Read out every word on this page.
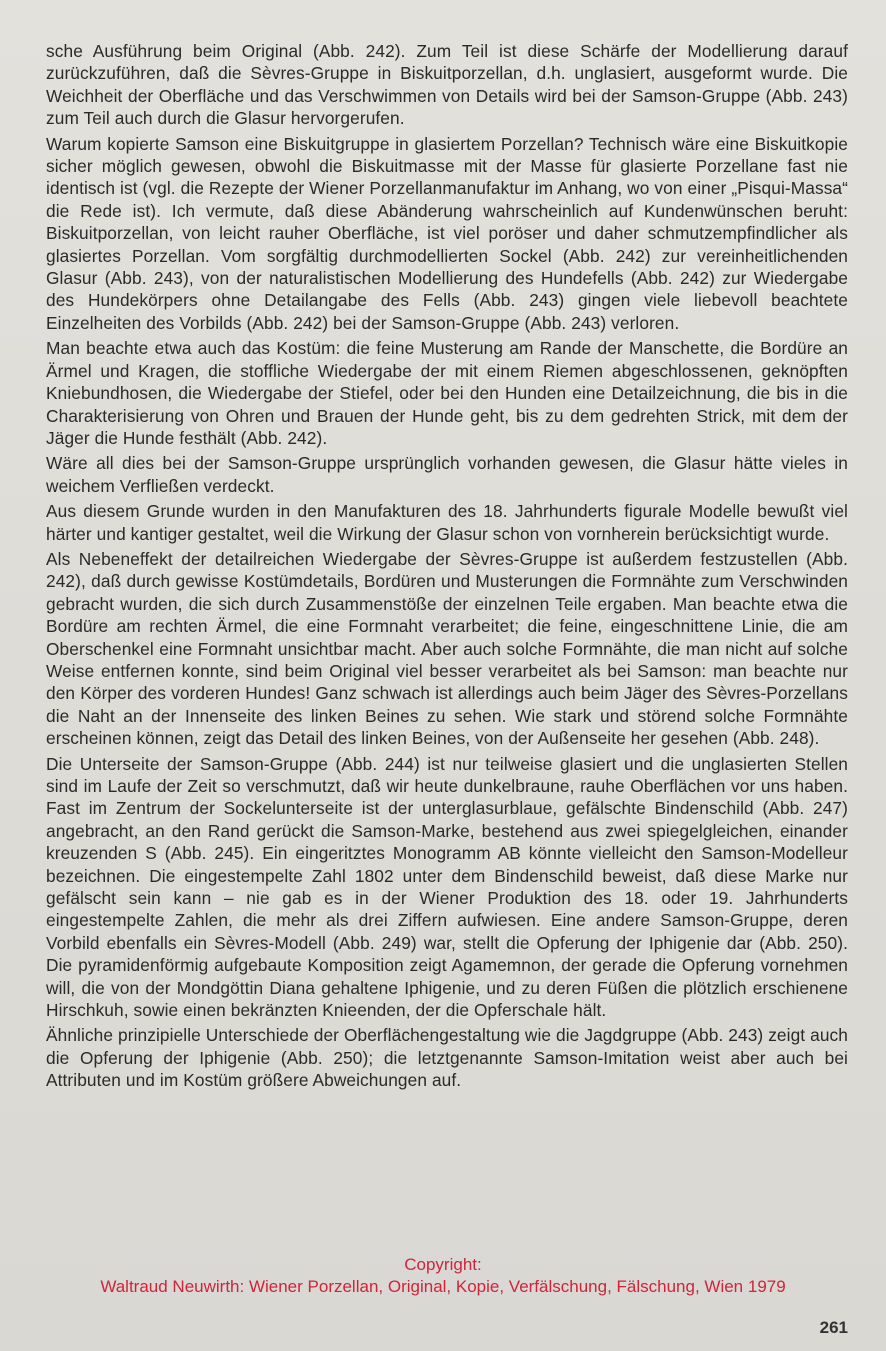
sche Ausführung beim Original (Abb. 242). Zum Teil ist diese Schärfe der Modellierung darauf zurückzuführen, daß die Sèvres-Gruppe in Biskuitporzellan, d.h. unglasiert, ausgeformt wurde. Die Weichheit der Oberfläche und das Verschwimmen von Details wird bei der Samson-Gruppe (Abb. 243) zum Teil auch durch die Glasur hervorgerufen.

Warum kopierte Samson eine Biskuitgruppe in glasiertem Porzellan? Technisch wäre eine Biskuitkopie sicher möglich gewesen, obwohl die Biskuitmasse mit der Masse für glasierte Porzellane fast nie identisch ist (vgl. die Rezepte der Wiener Porzellanmanufaktur im Anhang, wo von einer „Pisqui-Massa“ die Rede ist). Ich vermute, daß diese Abänderung wahrscheinlich auf Kundenwünschen beruht: Biskuitporzellan, von leicht rauher Oberfläche, ist viel poröser und daher schmutzempfindlicher als glasiertes Porzellan. Vom sorgfältig durchmodellierten Sockel (Abb. 242) zur vereinheitlichenden Glasur (Abb. 243), von der naturalistischen Modellierung des Hundefells (Abb. 242) zur Wiedergabe des Hundekörpers ohne Detailangabe des Fells (Abb. 243) gingen viele liebevoll beachtete Einzelheiten des Vorbilds (Abb. 242) bei der Samson-Gruppe (Abb. 243) verloren.

Man beachte etwa auch das Kostüm: die feine Musterung am Rande der Manschette, die Bordüre an Ärmel und Kragen, die stoffliche Wiedergabe der mit einem Riemen abgeschlossenen, geknöpften Kniebundhosen, die Wiedergabe der Stiefel, oder bei den Hunden eine Detailzeichnung, die bis in die Charakterisierung von Ohren und Brauen der Hunde geht, bis zu dem gedrehten Strick, mit dem der Jäger die Hunde festhält (Abb. 242).

Wäre all dies bei der Samson-Gruppe ursprünglich vorhanden gewesen, die Glasur hätte vieles in weichem Verfließen verdeckt.

Aus diesem Grunde wurden in den Manufakturen des 18. Jahrhunderts figurale Modelle bewußt viel härter und kantiger gestaltet, weil die Wirkung der Glasur schon von vornherein berücksichtigt wurde.

Als Nebeneffekt der detailreichen Wiedergabe der Sèvres-Gruppe ist außerdem festzustellen (Abb. 242), daß durch gewisse Kostümdetails, Bordüren und Musterungen die Formnähte zum Verschwinden gebracht wurden, die sich durch Zusammenstöße der einzelnen Teile ergaben. Man beachte etwa die Bordüre am rechten Ärmel, die eine Formnaht verarbeitet; die feine, eingeschnittene Linie, die am Oberschenkel eine Formnaht unsichtbar macht. Aber auch solche Formnähte, die man nicht auf solche Weise entfernen konnte, sind beim Original viel besser verarbeitet als bei Samson: man beachte nur den Körper des vorderen Hundes! Ganz schwach ist allerdings auch beim Jäger des Sèvres-Porzellans die Naht an der Innenseite des linken Beines zu sehen. Wie stark und störend solche Formnähte erscheinen können, zeigt das Detail des linken Beines, von der Außenseite her gesehen (Abb. 248).

Die Unterseite der Samson-Gruppe (Abb. 244) ist nur teilweise glasiert und die unglasierten Stellen sind im Laufe der Zeit so verschmutzt, daß wir heute dunkelbraune, rauhe Oberflächen vor uns haben. Fast im Zentrum der Sockelunterseite ist der unterglasurblaue, gefälschte Bindenschild (Abb. 247) angebracht, an den Rand gerückt die Samson-Marke, bestehend aus zwei spiegelgleichen, einander kreuzenden S (Abb. 245). Ein eingeritztes Monogramm AB könnte vielleicht den Samson-Modelleur bezeichnen. Die eingestempelte Zahl 1802 unter dem Bindenschild beweist, daß diese Marke nur gefälscht sein kann – nie gab es in der Wiener Produktion des 18. oder 19. Jahrhunderts eingestempelte Zahlen, die mehr als drei Ziffern aufwiesen. Eine andere Samson-Gruppe, deren Vorbild ebenfalls ein Sèvres-Modell (Abb. 249) war, stellt die Opferung der Iphigenie dar (Abb. 250). Die pyramidenförmig aufgebaute Komposition zeigt Agamemnon, der gerade die Opferung vornehmen will, die von der Mondgöttin Diana gehaltene Iphigenie, und zu deren Füßen die plötzlich erschienene Hirschkuh, sowie einen bekränzten Knieenden, der die Opferschale hält.

Ähnliche prinzipielle Unterschiede der Oberflächengestaltung wie die Jagdgruppe (Abb. 243) zeigt auch die Opferung der Iphigenie (Abb. 250); die letztgenannte Samson-Imitation weist aber auch bei Attributen und im Kostüm größere Abweichungen auf.

Copyright:
Waltraud Neuwirth: Wiener Porzellan, Original, Kopie, Verfälschung, Fälschung, Wien 1979
261
